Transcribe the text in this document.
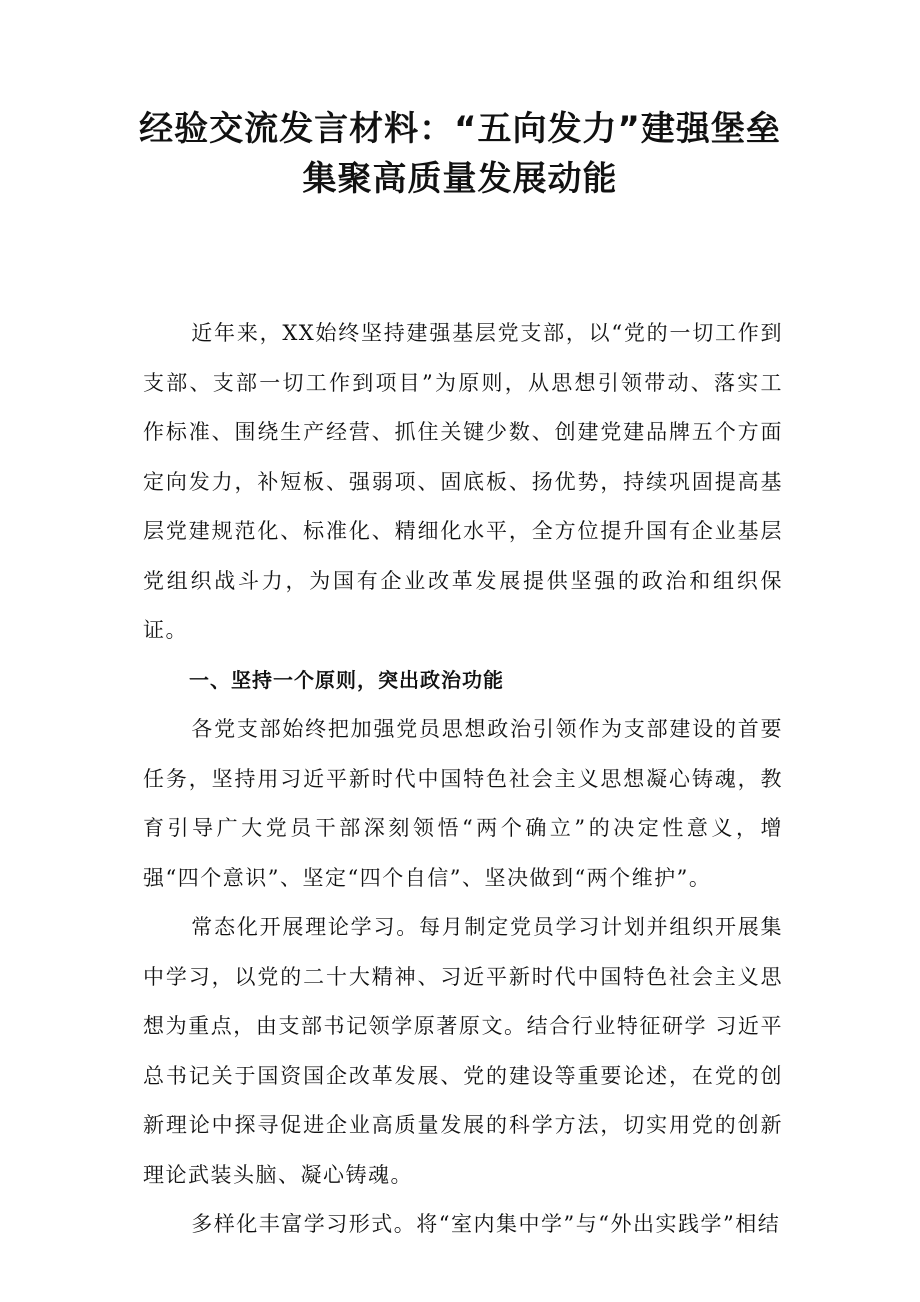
经验交流发言材料：“五向发力”建强堡垒
集聚高质量发展动能

近年来，XX始终坚持建强基层党支部，以“党的一切工作到支部、支部一切工作到项目”为原则，从思想引领带动、落实工作标准、围绕生产经营、抓住关键少数、创建党建品牌五个方面定向发力，补短板、强弱项、固底板、扬优势，持续巩固提高基层党建规范化、标准化、精细化水平，全方位提升国有企业基层党组织战斗力，为国有企业改革发展提供坚强的政治和组织保证。

一、坚持一个原则，突出政治功能

各党支部始终把加强党员思想政治引领作为支部建设的首要任务，坚持用习近平新时代中国特色社会主义思想凝心铸魂，教育引导广大党员干部深刻领悟“两个确立”的决定性意义，增强“四个意识”、坚定“四个自信”、坚决做到“两个维护”。

常态化开展理论学习。每月制定党员学习计划并组织开展集中学习，以党的二十大精神、习近平新时代中国特色社会主义思想为重点，由支部书记领学原著原文。结合行业特征研学 习近平总书记关于国资国企改革发展、党的建设等重要论述，在党的创新理论中探寻促进企业高质量发展的科学方法，切实用党的创新理论武装头脑、凝心铸魂。

多样化丰富学习形式。将“室内集中学”与“外出实践学”相结
